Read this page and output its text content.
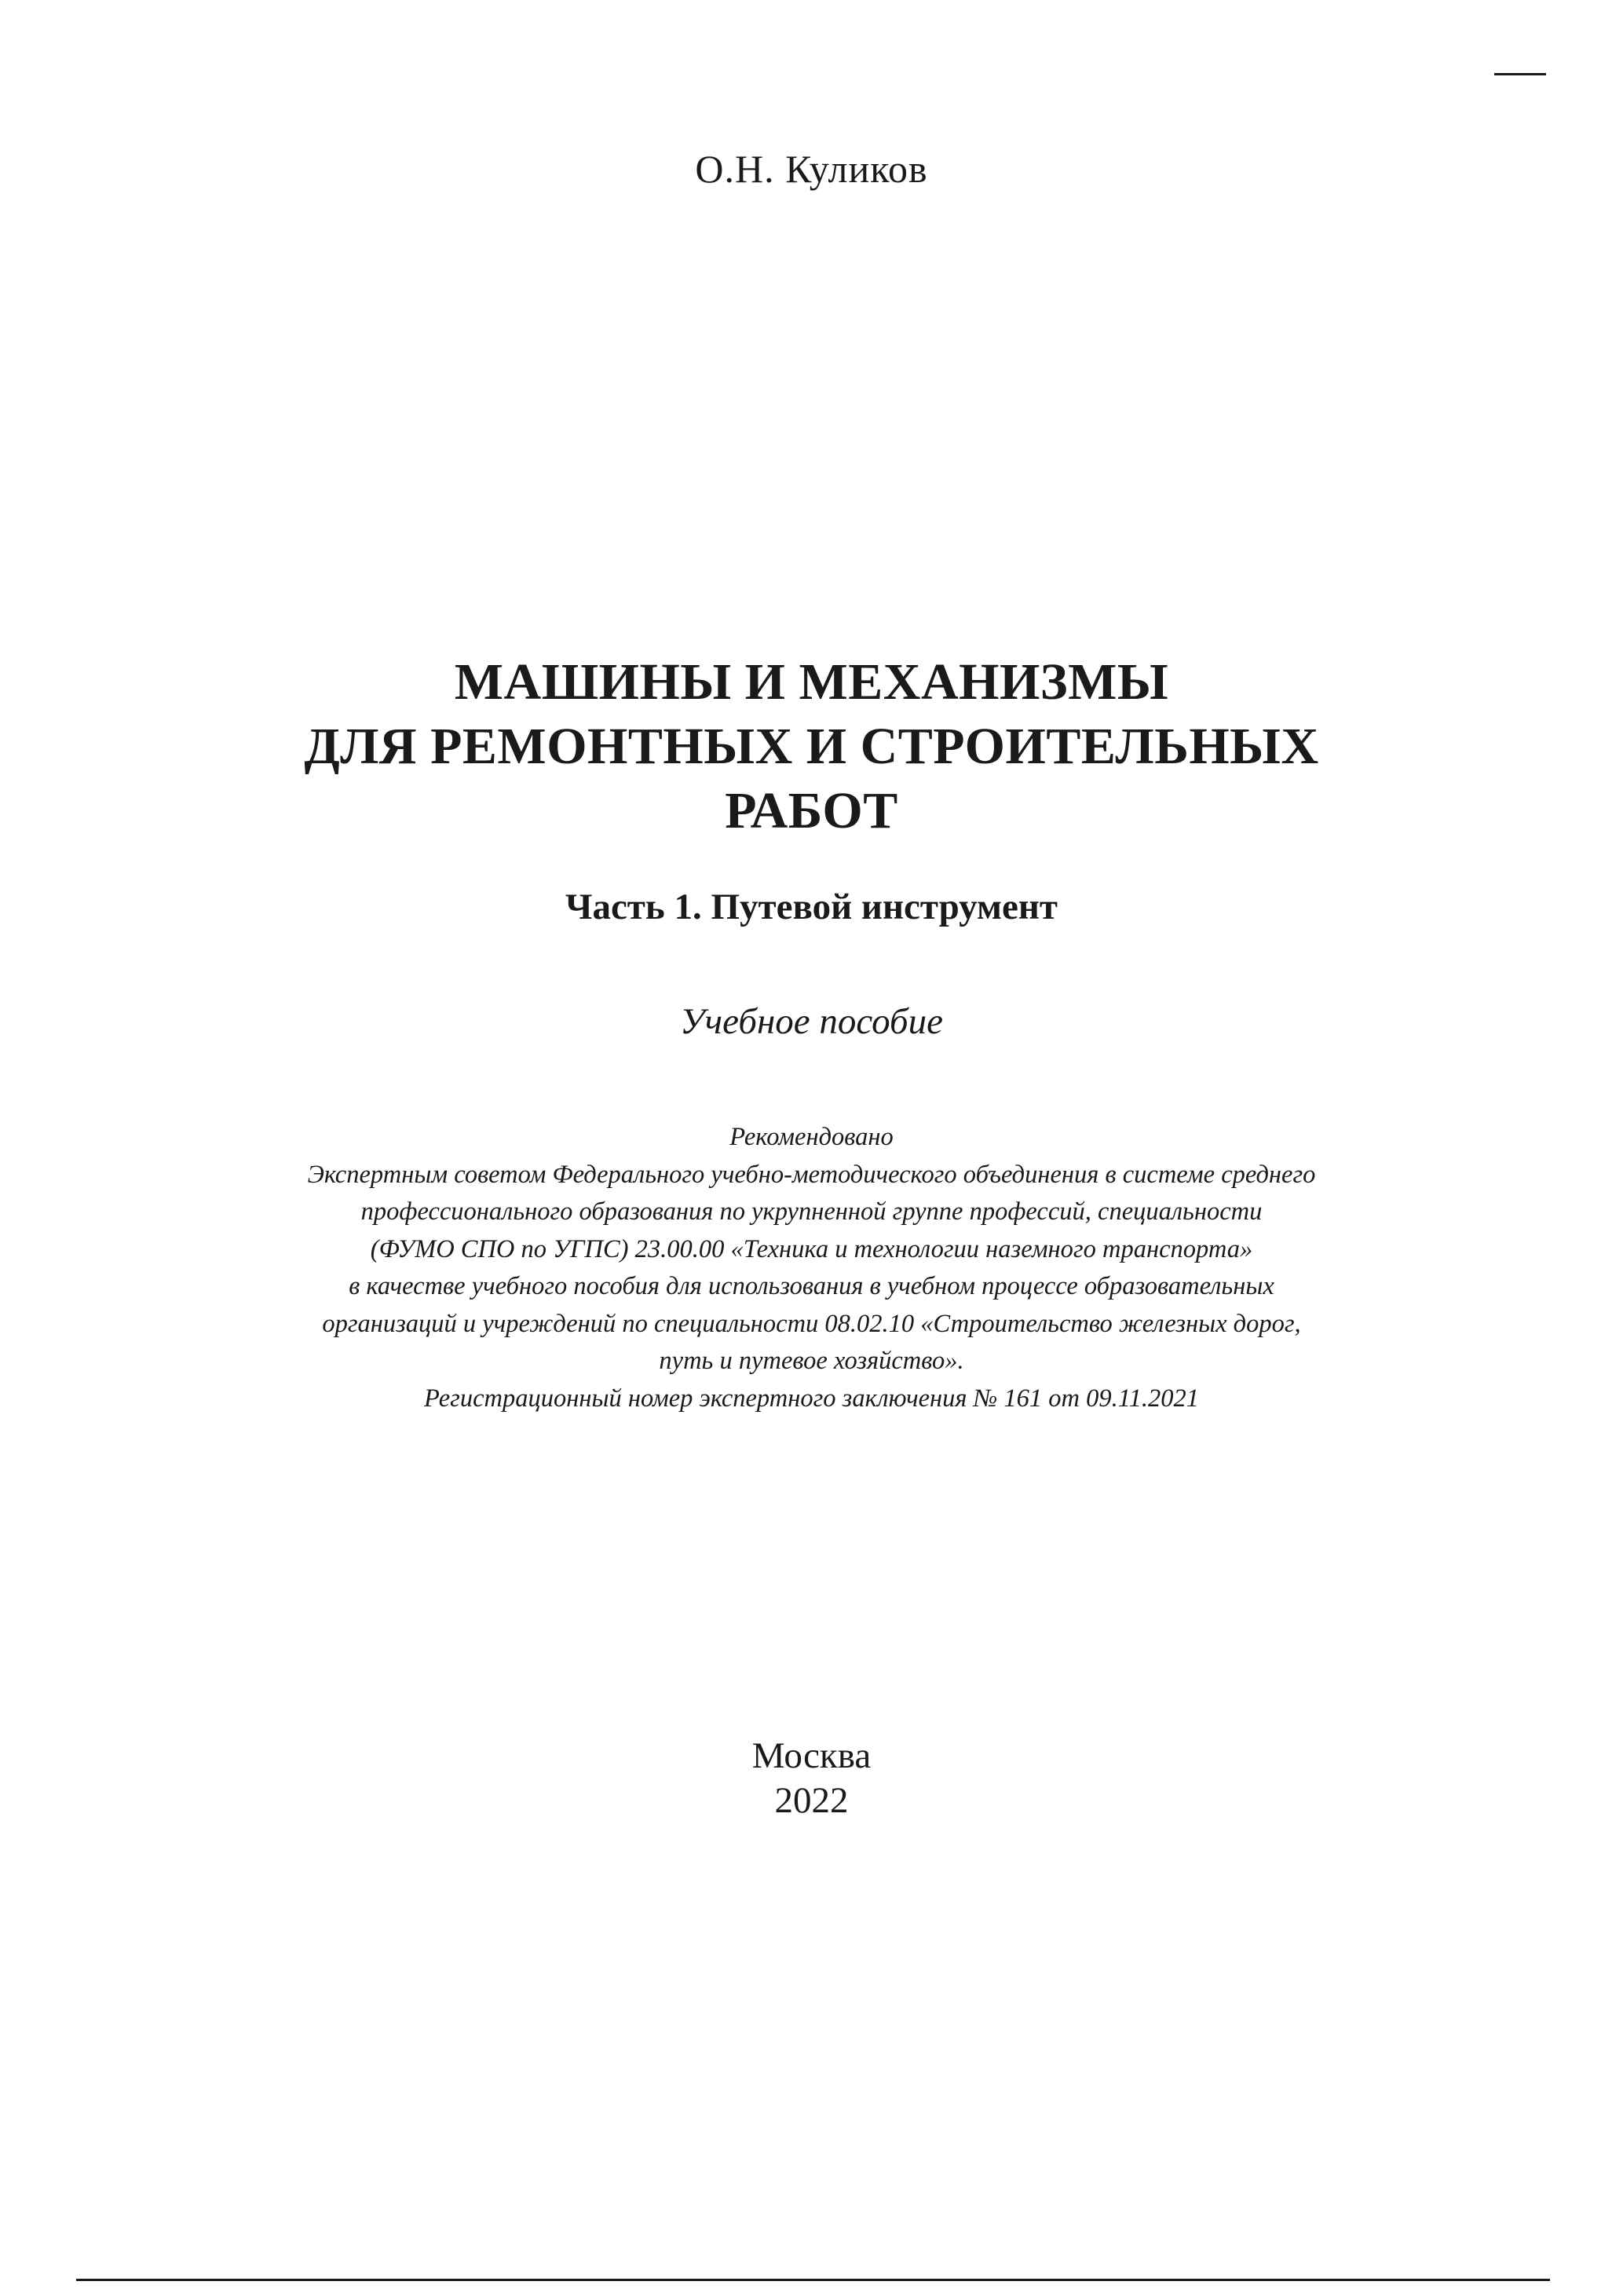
О.Н. Куликов
МАШИНЫ И МЕХАНИЗМЫ
ДЛЯ РЕМОНТНЫХ И СТРОИТЕЛЬНЫХ
РАБОТ
Часть 1. Путевой инструмент
Учебное пособие
Рекомендовано
Экспертным советом Федерального учебно-методического объединения в системе среднего
профессионального образования по укрупненной группе профессий, специальности
(ФУМО СПО по УГПС) 23.00.00 «Техника и технологии наземного транспорта»
в качестве учебного пособия для использования в учебном процессе образовательных
организаций и учреждений по специальности 08.02.10 «Строительство железных дорог,
путь и путевое хозяйство».
Регистрационный номер экспертного заключения № 161 от 09.11.2021
Москва
2022
